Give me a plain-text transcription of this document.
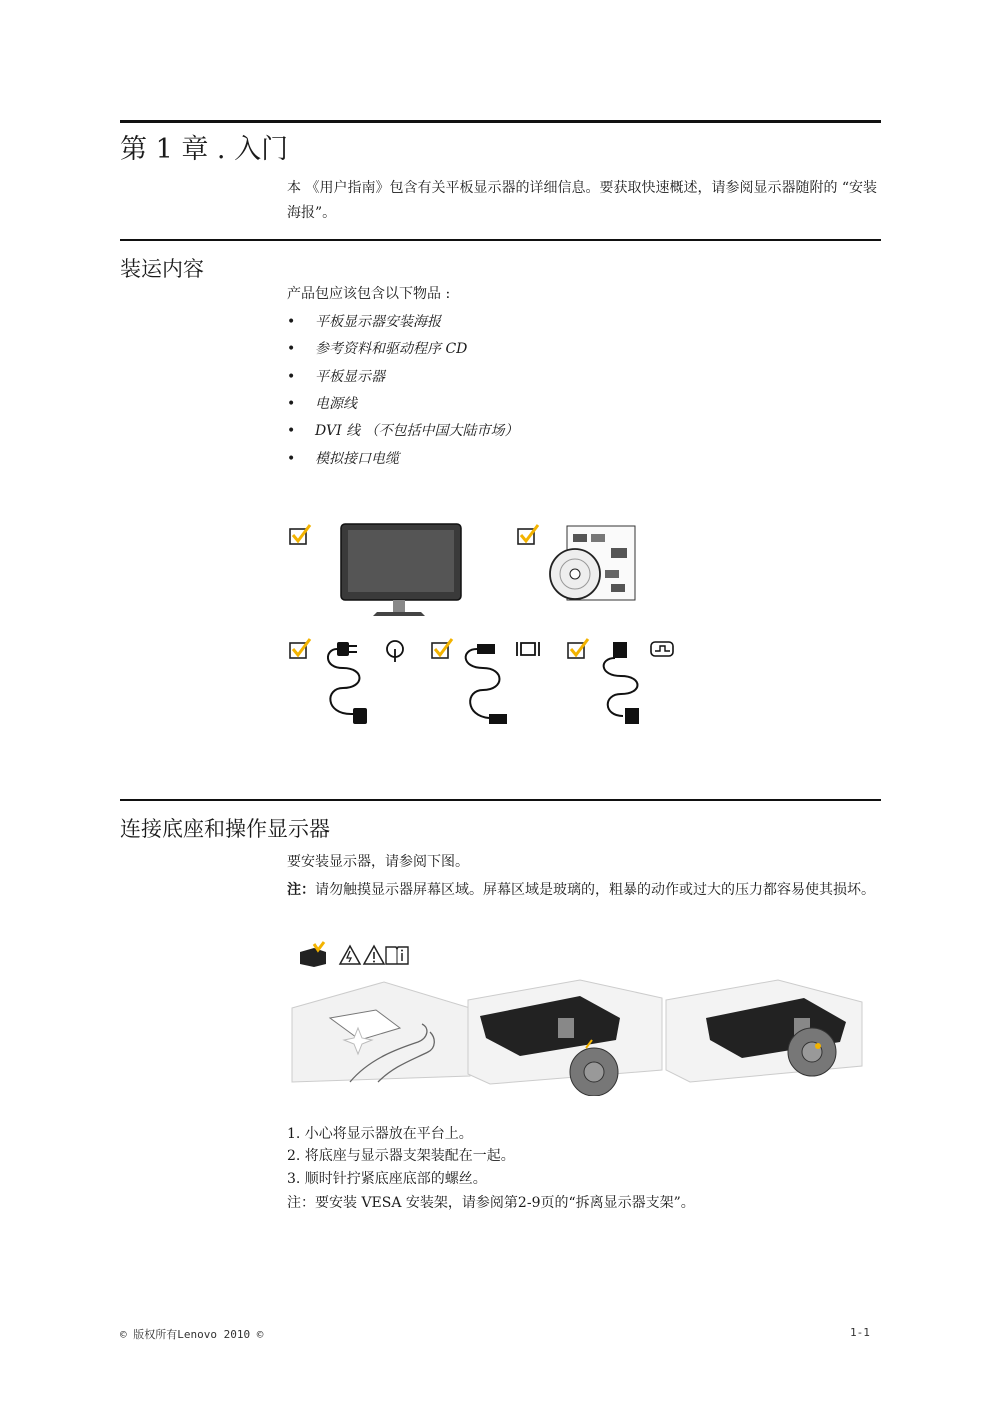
第 1 章 . 入门

本 《用户指南》包含有关平板显示器的详细信息。要获取快速概述，请参阅显示器随附的 “安装海报”。

装运内容
产品包应该包含以下物品 :
• 平板显示器安装海报
• 参考资料和驱动程序 CD
• 平板显示器
• 电源线
• DVI 线 （不包括中国大陆市场）
• 模拟接口电缆
连接底座和操作显示器
要安装显示器，请参阅下图。

注：请勿触摸显示器屏幕区域。屏幕区域是玻璃的，粗暴的动作或过大的压力都容易使其损坏。

1. 小心将显示器放在平台上。
2. 将底座与显示器支架装配在一起。
3. 顺时针拧紧底座底部的螺丝。
注：要安装 VESA 安装架，请参阅第2-9页的“拆离显示器支架”。
© 版权所有Lenovo 2010 ©	1-1
